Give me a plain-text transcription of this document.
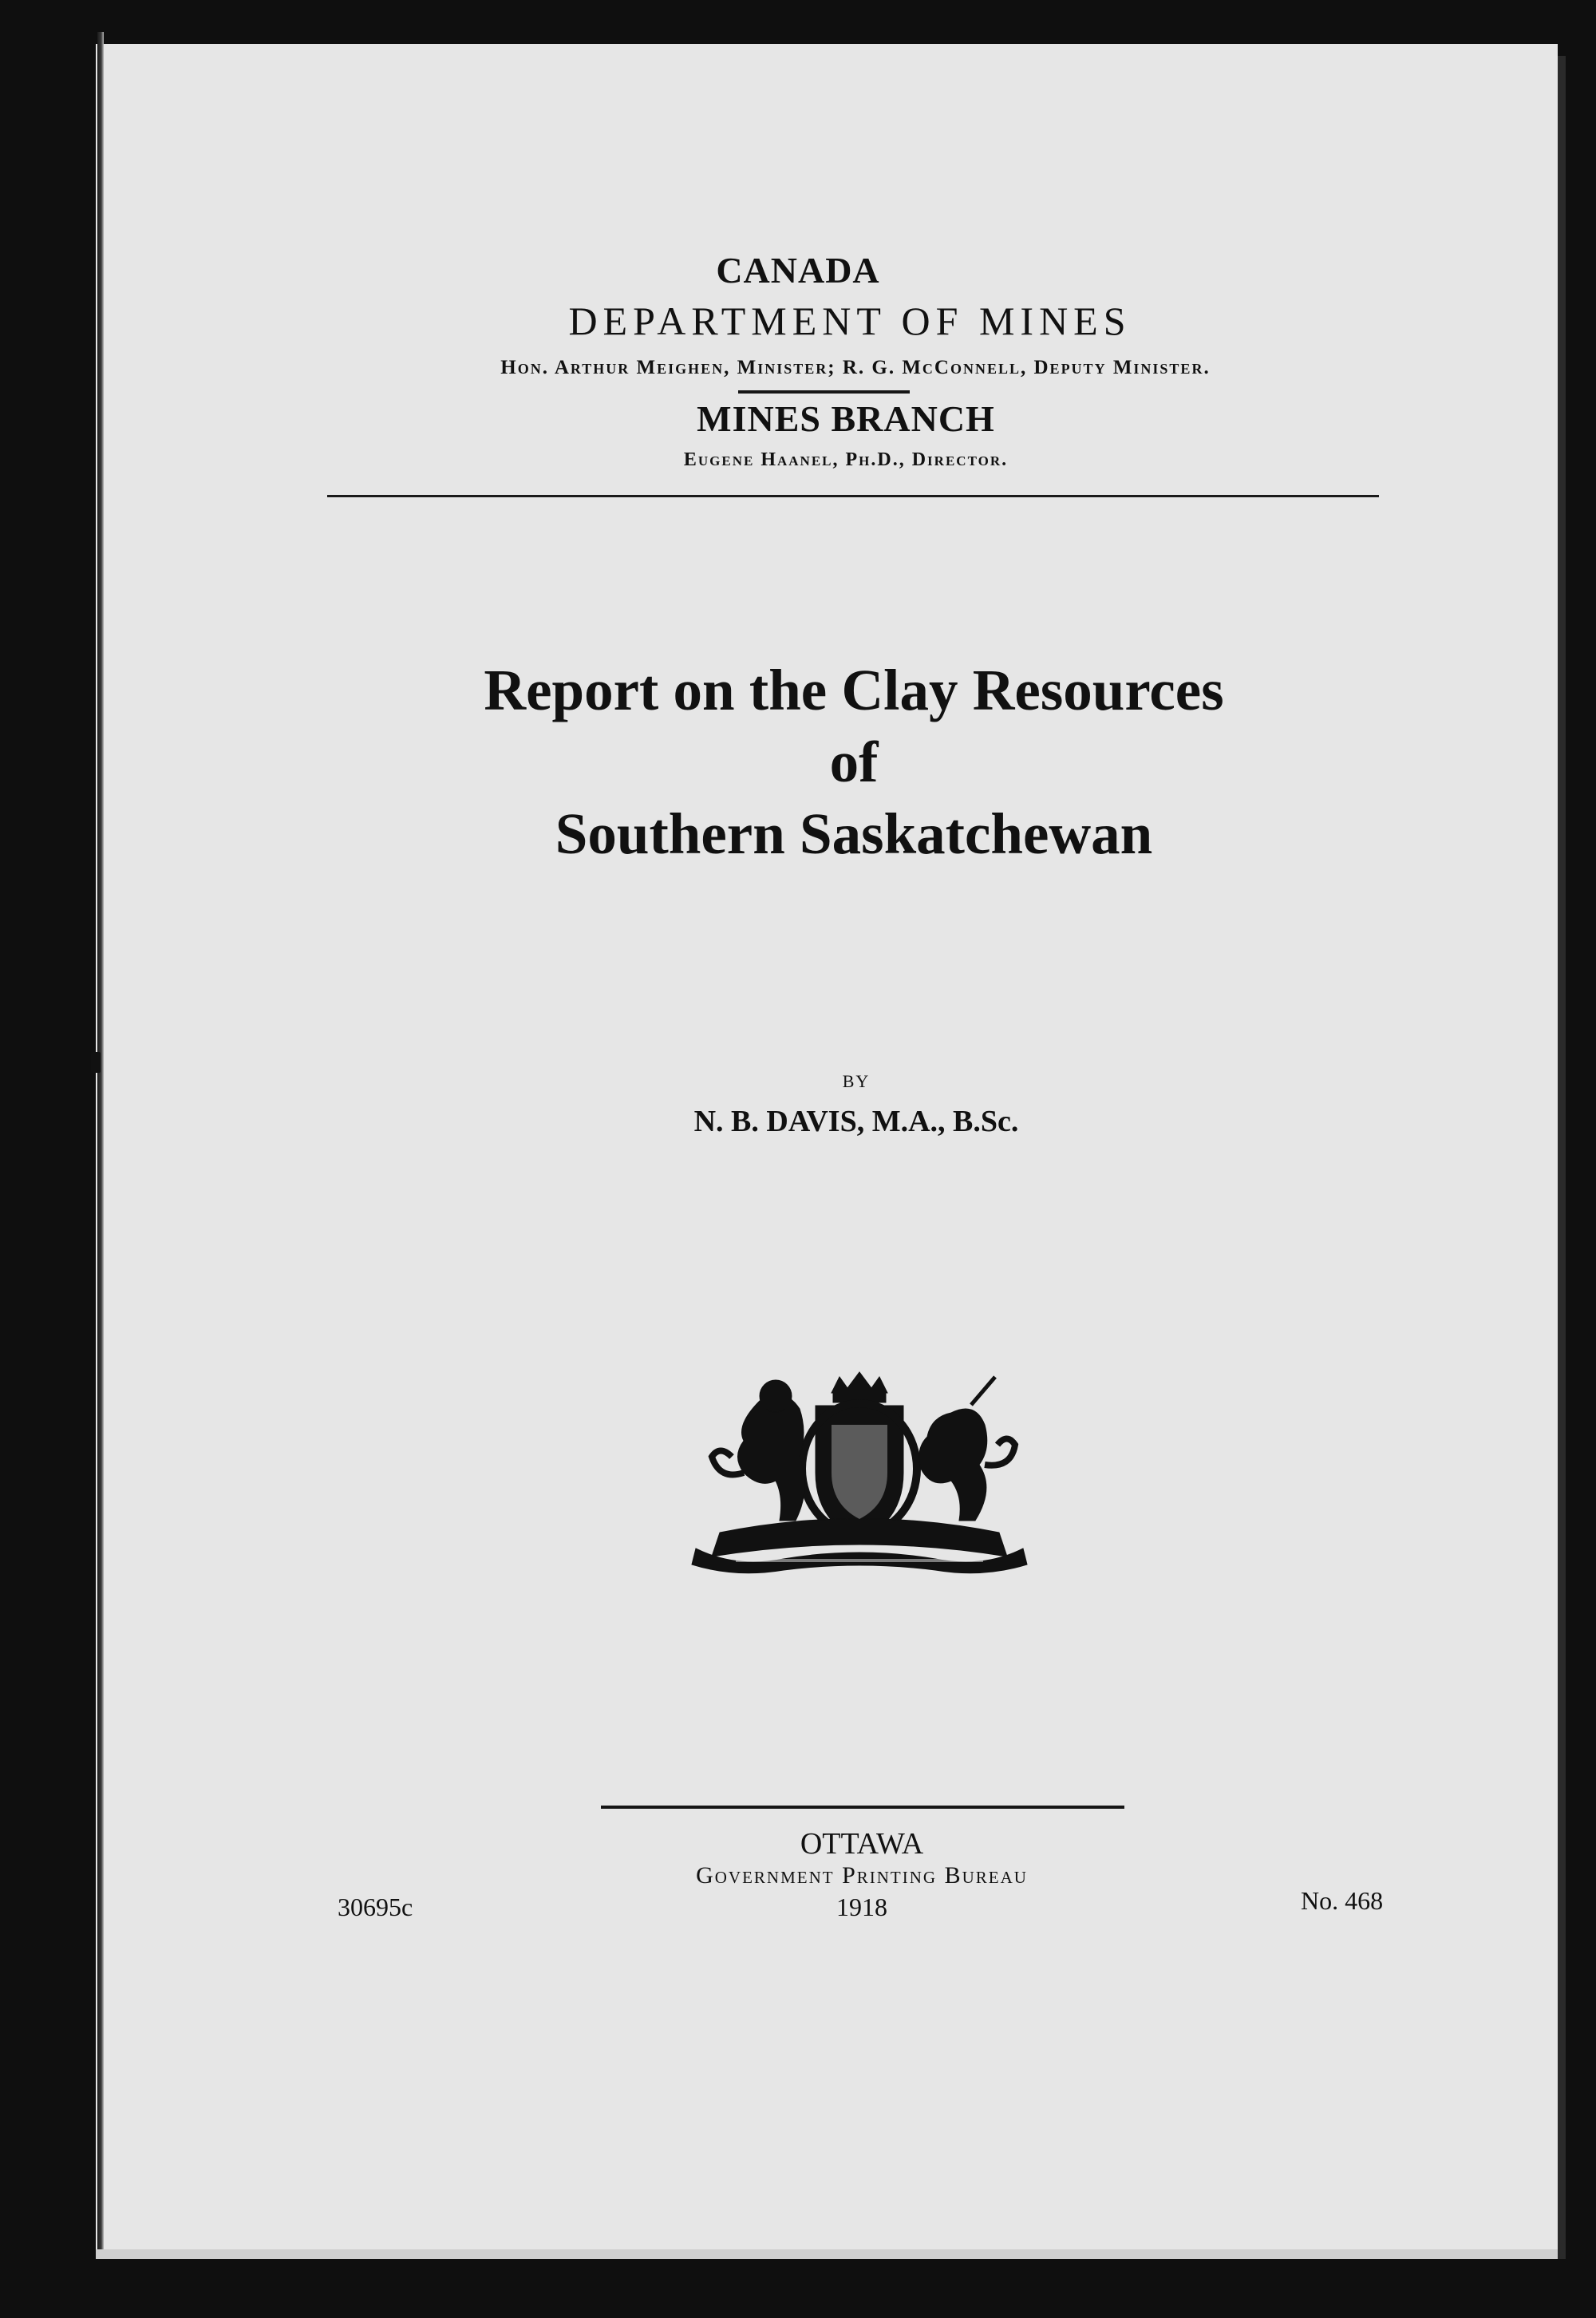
CANADA
DEPARTMENT OF MINES
Hon. Arthur Meighen, Minister; R. G. McConnell, Deputy Minister.
MINES BRANCH
Eugene Haanel, Ph.D., Director.
Report on the Clay Resources
of
Southern Saskatchewan
BY
N. B. DAVIS, M.A., B.Sc.
OTTAWA
Government Printing Bureau
1918
30695c	No. 468
